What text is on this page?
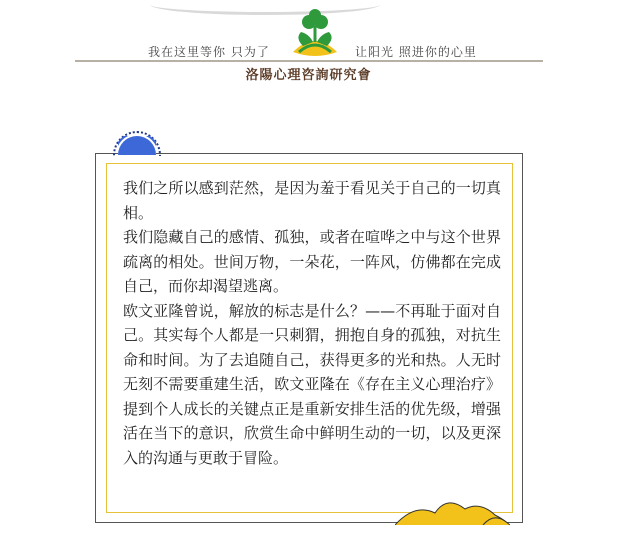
我在这里等你 只为了	让阳光 照进你的心里
洛陽心理咨詢研究會

我们之所以感到茫然，是因为羞于看见关于自己的一切真相。

我们隐藏自己的感情、孤独，或者在喧哗之中与这个世界疏离的相处。世间万物，一朵花，一阵风，仿佛都在完成自己，而你却渴望逃离。

欧文亚隆曾说，解放的标志是什么？——不再耻于面对自己。其实每个人都是一只刺猬，拥抱自身的孤独，对抗生命和时间。为了去追随自己，获得更多的光和热。人无时无刻不需要重建生活，欧文亚隆在《存在主义心理治疗》提到个人成长的关键点正是重新安排生活的优先级，增强活在当下的意识，欣赏生命中鲜明生动的一切，以及更深入的沟通与更敢于冒险。
